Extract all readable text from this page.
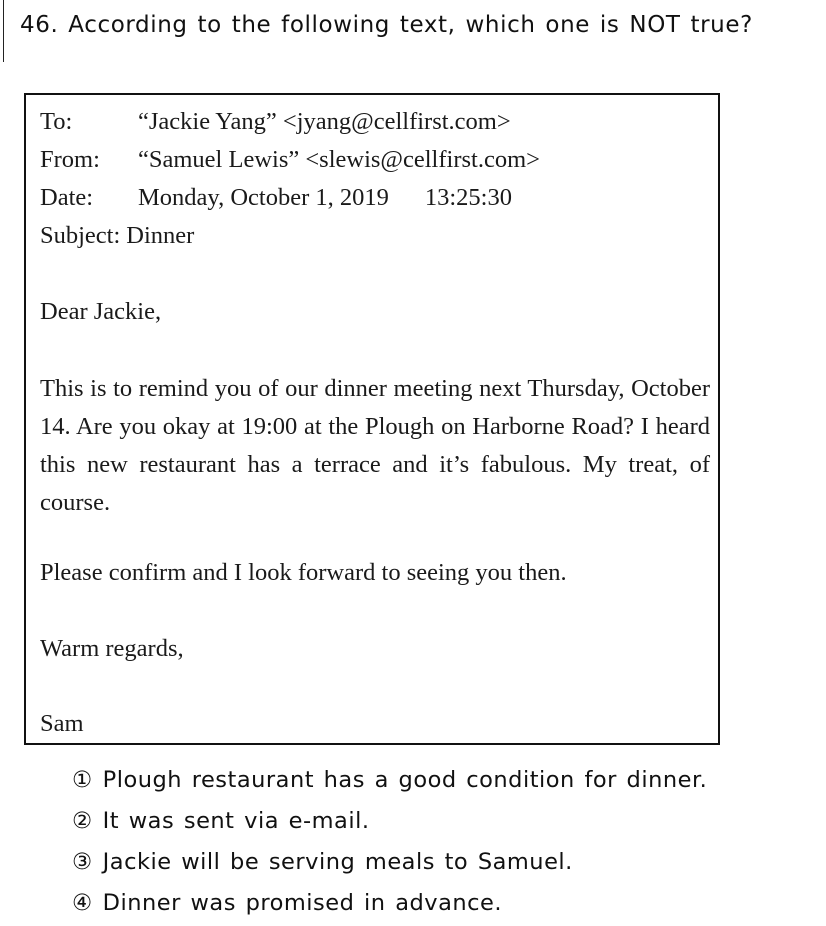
46. According to the following text, which one is NOT true?
To:	“Jackie Yang” <jyang@cellfirst.com>
From: “Samuel Lewis” <slewis@cellfirst.com>
Date: Monday, October 1, 2019 13:25:30
Subject: Dinner
Dear Jackie,
This is to remind you of our dinner meeting next Thursday, October 14. Are you okay at 19:00 at the Plough on Harborne Road? I heard this new restaurant has a terrace and it’s fabulous. My treat, of course.
Please confirm and I look forward to seeing you then.
Warm regards,
Sam
① Plough restaurant has a good condition for dinner.
② It was sent via e-mail.
③ Jackie will be serving meals to Samuel.
④ Dinner was promised in advance.
